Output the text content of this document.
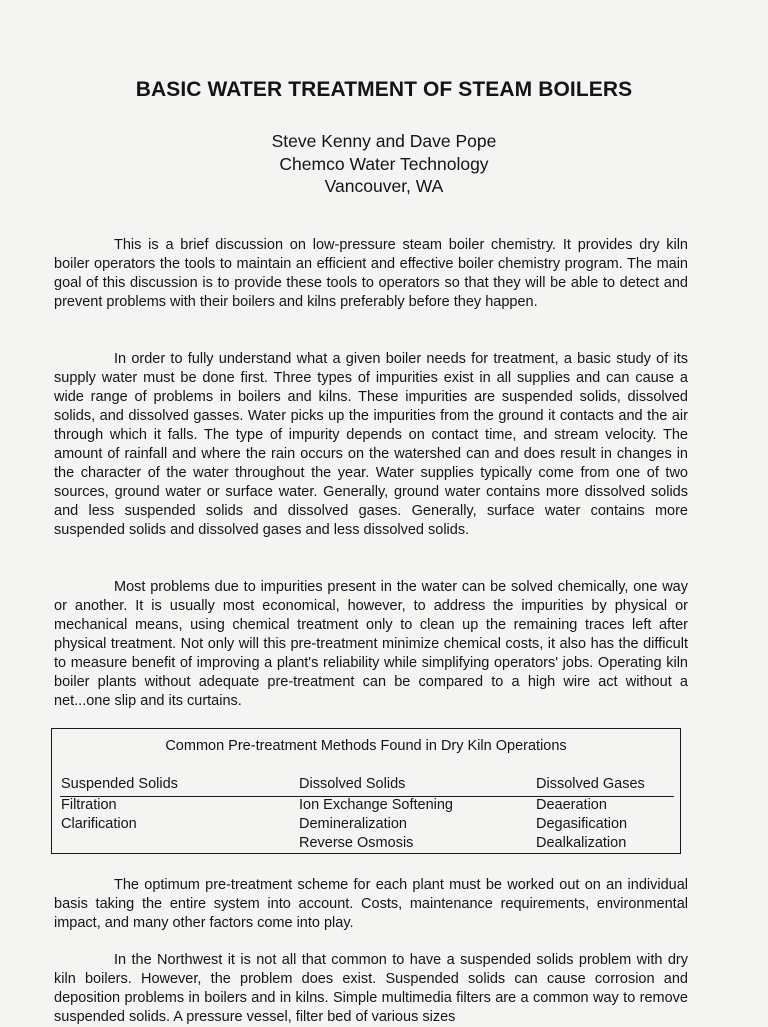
BASIC WATER TREATMENT OF STEAM BOILERS
Steve Kenny and Dave Pope
Chemco Water Technology
Vancouver, WA

This is a brief discussion on low-pressure steam boiler chemistry. It provides dry kiln boiler operators the tools to maintain an efficient and effective boiler chemistry program. The main goal of this discussion is to provide these tools to operators so that they will be able to detect and prevent problems with their boilers and kilns preferably before they happen.

In order to fully understand what a given boiler needs for treatment, a basic study of its supply water must be done first. Three types of impurities exist in all supplies and can cause a wide range of problems in boilers and kilns. These impurities are suspended solids, dissolved solids, and dissolved gasses. Water picks up the impurities from the ground it contacts and the air through which it falls. The type of impurity depends on contact time, and stream velocity. The amount of rainfall and where the rain occurs on the watershed can and does result in changes in the character of the water throughout the year. Water supplies typically come from one of two sources, ground water or surface water. Generally, ground water contains more dissolved solids and less suspended solids and dissolved gases. Generally, surface water contains more suspended solids and dissolved gases and less dissolved solids.

Most problems due to impurities present in the water can be solved chemically, one way or another. It is usually most economical, however, to address the impurities by physical or mechanical means, using chemical treatment only to clean up the remaining traces left after physical treatment. Not only will this pre-treatment minimize chemical costs, it also has the difficult to measure benefit of improving a plant's reliability while simplifying operators' jobs. Operating kiln boiler plants without adequate pre-treatment can be compared to a high wire act without a net...one slip and its curtains.

Common Pre-treatment Methods Found in Dry Kiln Operations
Suspended Solids	Dissolved Solids	Dissolved Gases
Filtration
Clarification
Ion Exchange Softening
Demineralization
Reverse Osmosis
Deaeration
Degasification
Dealkalization

The optimum pre-treatment scheme for each plant must be worked out on an individual basis taking the entire system into account. Costs, maintenance requirements, environmental impact, and many other factors come into play.

In the Northwest it is not all that common to have a suspended solids problem with dry kiln boilers. However, the problem does exist. Suspended solids can cause corrosion and deposition problems in boilers and in kilns. Simple multimedia filters are a common way to remove suspended solids. A pressure vessel, filter bed of various sizes
